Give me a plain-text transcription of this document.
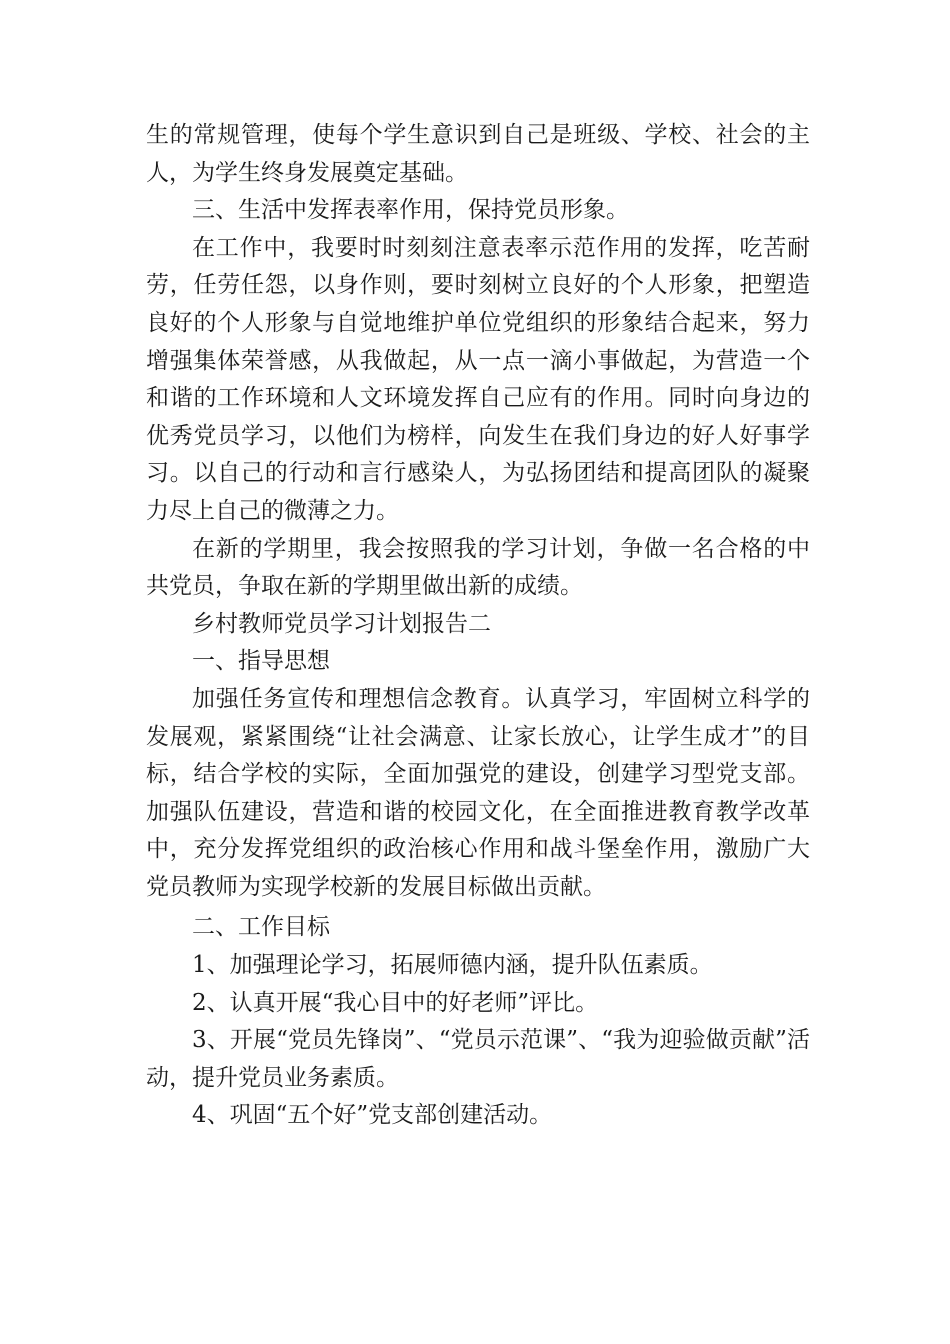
生的常规管理，使每个学生意识到自己是班级、学校、社会的主人，为学生终身发展奠定基础。

三、生活中发挥表率作用，保持党员形象。

在工作中，我要时时刻刻注意表率示范作用的发挥，吃苦耐劳，任劳任怨，以身作则，要时刻树立良好的个人形象，把塑造良好的个人形象与自觉地维护单位党组织的形象结合起来，努力增强集体荣誉感，从我做起，从一点一滴小事做起，为营造一个和谐的工作环境和人文环境发挥自己应有的作用。同时向身边的优秀党员学习，以他们为榜样，向发生在我们身边的好人好事学习。以自己的行动和言行感染人，为弘扬团结和提高团队的凝聚力尽上自己的微薄之力。

在新的学期里，我会按照我的学习计划，争做一名合格的中共党员，争取在新的学期里做出新的成绩。

乡村教师党员学习计划报告二

一、指导思想

加强任务宣传和理想信念教育。认真学习，牢固树立科学的发展观，紧紧围绕“让社会满意、让家长放心，让学生成才”的目标，结合学校的实际，全面加强党的建设，创建学习型党支部。加强队伍建设，营造和谐的校园文化，在全面推进教育教学改革中，充分发挥党组织的政治核心作用和战斗堡垒作用，激励广大党员教师为实现学校新的发展目标做出贡献。

二、工作目标

1、加强理论学习，拓展师德内涵，提升队伍素质。

2、认真开展“我心目中的好老师”评比。

3、开展“党员先锋岗”、“党员示范课”、“我为迎验做贡献”活动，提升党员业务素质。

4、巩固“五个好”党支部创建活动。
